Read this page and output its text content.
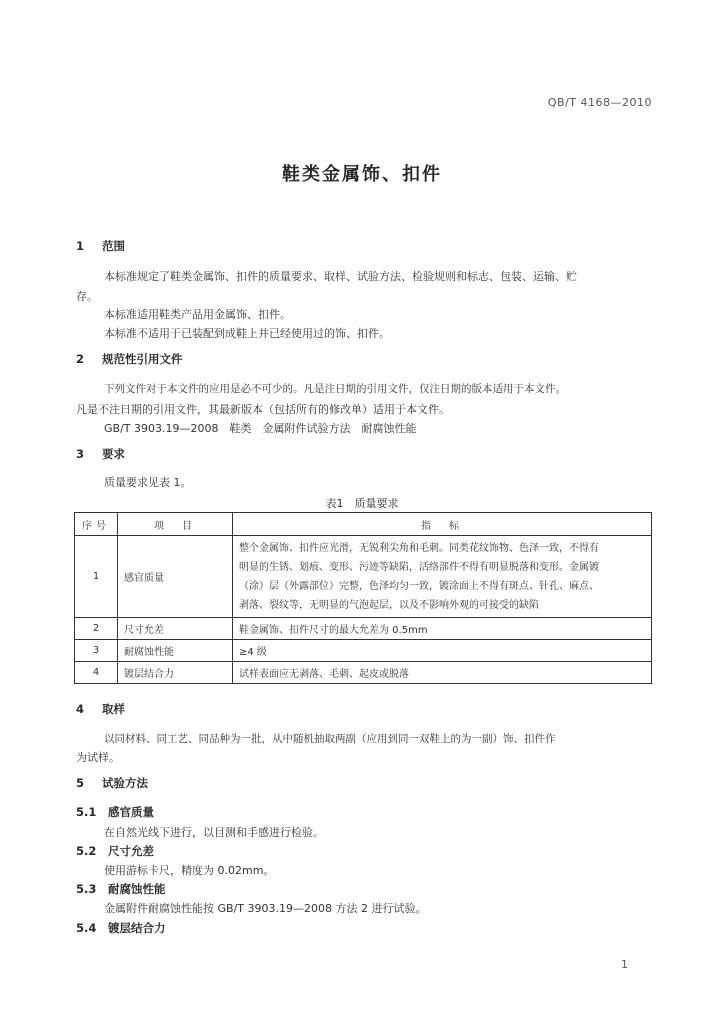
QB/T 4168—2010
鞋类金属饰、扣件
1 范围
本标准规定了鞋类金属饰、扣件的质量要求、取样、试验方法、检验规则和标志、包装、运输、贮
存。
本标准适用鞋类产品用金属饰、扣件。
本标准不适用于已装配到成鞋上并已经使用过的饰、扣件。
2 规范性引用文件
下列文件对于本文件的应用是必不可少的。凡是注日期的引用文件，仅注日期的版本适用于本文件。
凡是不注日期的引用文件，其最新版本（包括所有的修改单）适用于本文件。
GB/T 3903.19—2008　鞋类　金属附件试验方法　耐腐蚀性能
3 要求
质量要求见表 1。
表1　质量要求
序号	项　目	指　标
1	感官质量	整个金属饰、扣件应光滑，无锐利尖角和毛刺。同类花纹饰物、色泽一致，不得有
明显的生锈、划痕、变形、污迹等缺陷，活络部件不得有明显脱落和变形。金属镀
（涂）层（外露部位）完整，色泽均匀一致，镀涂面上不得有斑点、针孔、麻点、
剥落、裂纹等，无明显的气泡起层，以及不影响外观的可接受的缺陷

2	尺寸允差	鞋金属饰、扣件尺寸的最大允差为 0.5mm
3	耐腐蚀性能	≥4 级
4	镀层结合力	试样表面应无剥落、毛刺、起皮或脱落
4 取样
以同材料、同工艺、同品种为一批，从中随机抽取两副（应用到同一双鞋上的为一副）饰、扣件作
为试样。
5 试验方法
5.1 感官质量
在自然光线下进行，以目测和手感进行检验。
5.2 尺寸允差
使用游标卡尺，精度为 0.02mm。
5.3 耐腐蚀性能
金属附件耐腐蚀性能按 GB/T 3903.19—2008 方法 2 进行试验。
5.4 镀层结合力
1
